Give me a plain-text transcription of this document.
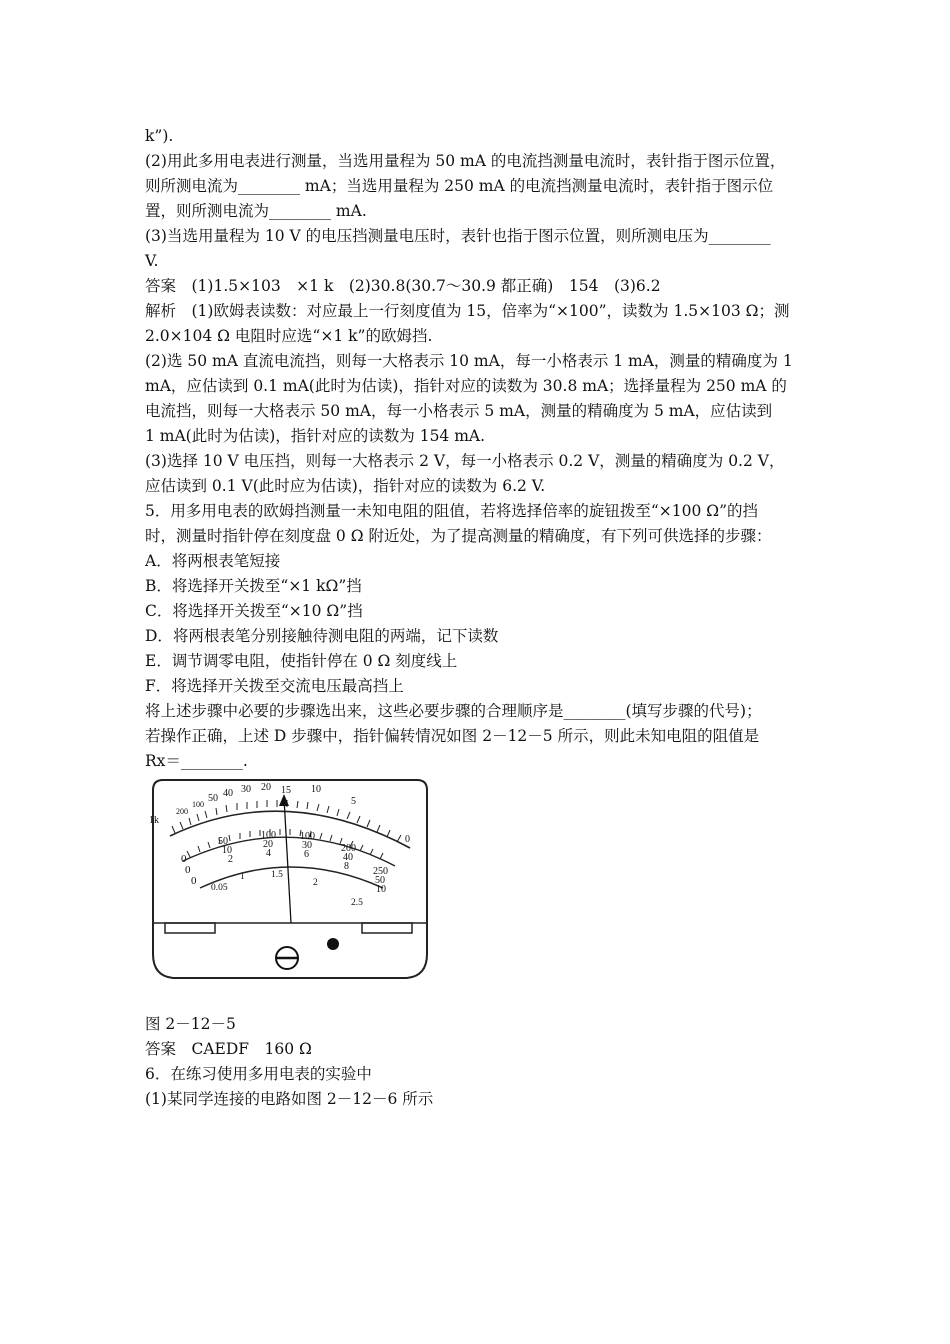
k”).

(2)用此多用电表进行测量，当选用量程为 50 mA 的电流挡测量电流时，表针指于图示位置，

则所测电流为________ mA；当选用量程为 250 mA 的电流挡测量电流时，表针指于图示位

置，则所测电流为________ mA.

(3)当选用量程为 10 V 的电压挡测量电压时，表针也指于图示位置，则所测电压为________

V.

答案　(1)1.5×103　×1 k　(2)30.8(30.7～30.9 都正确)　154　(3)6.2

解析　(1)欧姆表读数：对应最上一行刻度值为 15，倍率为“×100”，读数为 1.5×103 Ω；测

2.0×104 Ω 电阻时应选“×1 k”的欧姆挡.

(2)选 50 mA 直流电流挡，则每一大格表示 10 mA，每一小格表示 1 mA，测量的精确度为 1

mA，应估读到 0.1 mA(此时为估读)，指针对应的读数为 30.8 mA；选择量程为 250 mA 的

电流挡，则每一大格表示 50 mA，每一小格表示 5 mA，测量的精确度为 5 mA，应估读到

1 mA(此时为估读)，指针对应的读数为 154 mA.

(3)选择 10 V 电压挡，则每一大格表示 2 V，每一小格表示 0.2 V，测量的精确度为 0.2 V，

应估读到 0.1 V(此时应为估读)，指针对应的读数为 6.2 V.

5．用多用电表的欧姆挡测量一未知电阻的阻值，若将选择倍率的旋钮拨至“×100 Ω”的挡

时，测量时指针停在刻度盘 0 Ω 附近处，为了提高测量的精确度，有下列可供选择的步骤：

A．将两根表笔短接

B．将选择开关拨至“×1 kΩ”挡

C．将选择开关拨至“×10 Ω”挡

D．将两根表笔分别接触待测电阻的两端，记下读数

E．调节调零电阻，使指针停在 0 Ω 刻度线上

F．将选择开关拨至交流电压最高挡上

将上述步骤中必要的步骤选出来，这些必要步骤的合理顺序是________(填写步骤的代号)；

若操作正确，上述 D 步骤中，指针偏转情况如图 2－12－5 所示，则此未知电阻的阻值是

Rx＝________.

1k
200
100
50 40 30 20 15 10
5
0
50
10
2
100
20
4
100
30
6
200
40
8 250
50
10
0
0
0
0.05
1	1.5
2
2.5

图 2－12－5

答案　CAEDF　160 Ω

6．在练习使用多用电表的实验中

(1)某同学连接的电路如图 2－12－6 所示
